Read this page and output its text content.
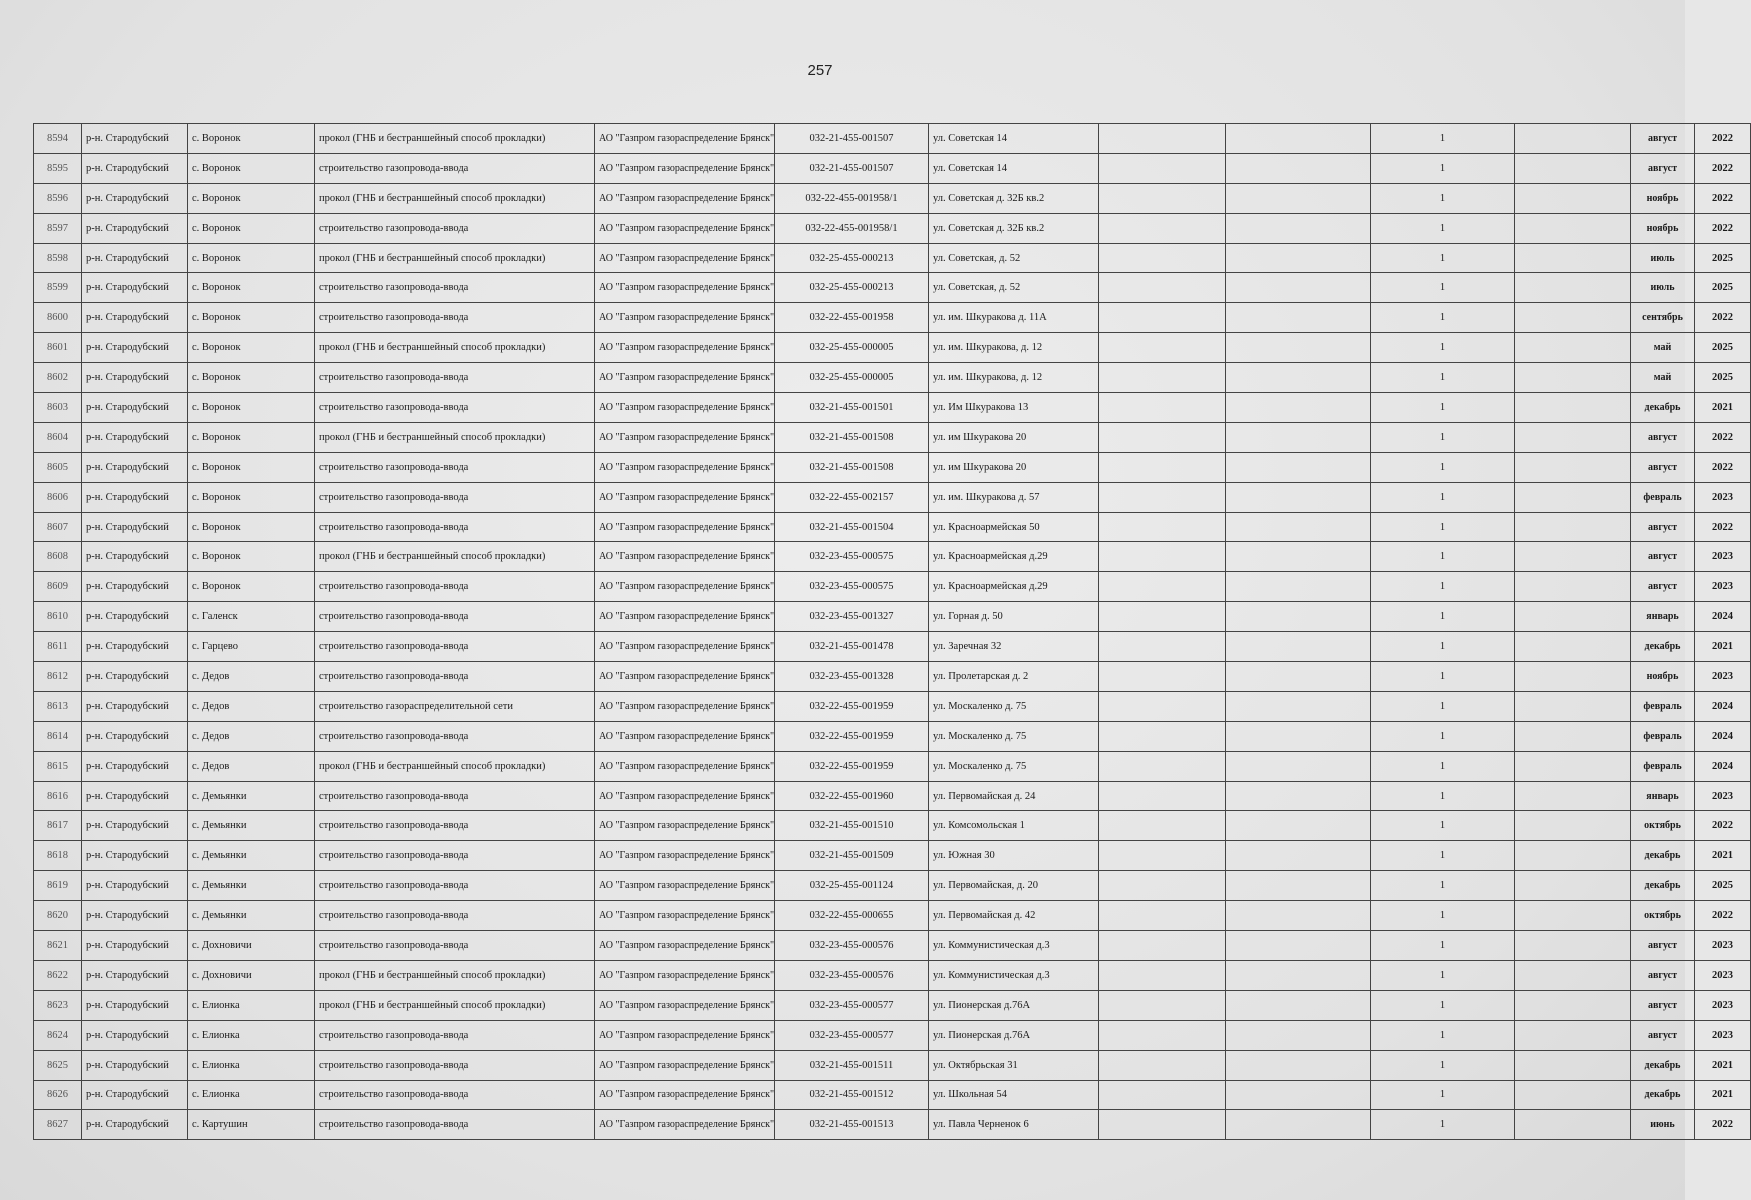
257
8594	р-н. Стародубский	с. Воронок	прокол (ГНБ и бестраншейный способ прокладки)	АО "Газпром газораспределение Брянск"	032-21-455-001507	ул. Советская 14			1		август	2022
8595	р-н. Стародубский	с. Воронок	строительство газопровода-ввода	АО "Газпром газораспределение Брянск"	032-21-455-001507	ул. Советская 14			1		август	2022
8596	р-н. Стародубский	с. Воронок	прокол (ГНБ и бестраншейный способ прокладки)	АО "Газпром газораспределение Брянск"	032-22-455-001958/1	ул. Советская д. 32Б кв.2			1		ноябрь	2022
8597	р-н. Стародубский	с. Воронок	строительство газопровода-ввода	АО "Газпром газораспределение Брянск"	032-22-455-001958/1	ул. Советская д. 32Б кв.2			1		ноябрь	2022
8598	р-н. Стародубский	с. Воронок	прокол (ГНБ и бестраншейный способ прокладки)	АО "Газпром газораспределение Брянск"	032-25-455-000213	ул. Советская, д. 52			1		июль	2025
8599	р-н. Стародубский	с. Воронок	строительство газопровода-ввода	АО "Газпром газораспределение Брянск"	032-25-455-000213	ул. Советская, д. 52			1		июль	2025
8600	р-н. Стародубский	с. Воронок	строительство газопровода-ввода	АО "Газпром газораспределение Брянск"	032-22-455-001958	ул. им. Шкуракова д. 11А			1		сентябрь	2022
8601	р-н. Стародубский	с. Воронок	прокол (ГНБ и бестраншейный способ прокладки)	АО "Газпром газораспределение Брянск"	032-25-455-000005	ул. им. Шкуракова, д. 12			1		май	2025
8602	р-н. Стародубский	с. Воронок	строительство газопровода-ввода	АО "Газпром газораспределение Брянск"	032-25-455-000005	ул. им. Шкуракова, д. 12			1		май	2025
8603	р-н. Стародубский	с. Воронок	строительство газопровода-ввода	АО "Газпром газораспределение Брянск"	032-21-455-001501	ул. Им Шкуракова 13			1		декабрь	2021
8604	р-н. Стародубский	с. Воронок	прокол (ГНБ и бестраншейный способ прокладки)	АО "Газпром газораспределение Брянск"	032-21-455-001508	ул. им Шкуракова 20			1		август	2022
8605	р-н. Стародубский	с. Воронок	строительство газопровода-ввода	АО "Газпром газораспределение Брянск"	032-21-455-001508	ул. им Шкуракова 20			1		август	2022
8606	р-н. Стародубский	с. Воронок	строительство газопровода-ввода	АО "Газпром газораспределение Брянск"	032-22-455-002157	ул. им. Шкуракова д. 57			1		февраль	2023
8607	р-н. Стародубский	с. Воронок	строительство газопровода-ввода	АО "Газпром газораспределение Брянск"	032-21-455-001504	ул. Красноармейская 50			1		август	2022
8608	р-н. Стародубский	с. Воронок	прокол (ГНБ и бестраншейный способ прокладки)	АО "Газпром газораспределение Брянск"	032-23-455-000575	ул. Красноармейская д.29			1		август	2023
8609	р-н. Стародубский	с. Воронок	строительство газопровода-ввода	АО "Газпром газораспределение Брянск"	032-23-455-000575	ул. Красноармейская д.29			1		август	2023
8610	р-н. Стародубский	с. Галенск	строительство газопровода-ввода	АО "Газпром газораспределение Брянск"	032-23-455-001327	ул. Горная д. 50			1		январь	2024
8611	р-н. Стародубский	с. Гарцево	строительство газопровода-ввода	АО "Газпром газораспределение Брянск"	032-21-455-001478	ул. Заречная 32			1		декабрь	2021
8612	р-н. Стародубский	с. Дедов	строительство газопровода-ввода	АО "Газпром газораспределение Брянск"	032-23-455-001328	ул. Пролетарская д. 2			1		ноябрь	2023
8613	р-н. Стародубский	с. Дедов	строительство газораспределительной сети	АО "Газпром газораспределение Брянск"	032-22-455-001959	ул. Москаленко д. 75			1		февраль	2024
8614	р-н. Стародубский	с. Дедов	строительство газопровода-ввода	АО "Газпром газораспределение Брянск"	032-22-455-001959	ул. Москаленко д. 75			1		февраль	2024
8615	р-н. Стародубский	с. Дедов	прокол (ГНБ и бестраншейный способ прокладки)	АО "Газпром газораспределение Брянск"	032-22-455-001959	ул. Москаленко д. 75			1		февраль	2024
8616	р-н. Стародубский	с. Демьянки	строительство газопровода-ввода	АО "Газпром газораспределение Брянск"	032-22-455-001960	ул. Первомайская д. 24			1		январь	2023
8617	р-н. Стародубский	с. Демьянки	строительство газопровода-ввода	АО "Газпром газораспределение Брянск"	032-21-455-001510	ул. Комсомольская 1			1		октябрь	2022
8618	р-н. Стародубский	с. Демьянки	строительство газопровода-ввода	АО "Газпром газораспределение Брянск"	032-21-455-001509	ул. Южная 30			1		декабрь	2021
8619	р-н. Стародубский	с. Демьянки	строительство газопровода-ввода	АО "Газпром газораспределение Брянск"	032-25-455-001124	ул. Первомайская, д. 20			1		декабрь	2025
8620	р-н. Стародубский	с. Демьянки	строительство газопровода-ввода	АО "Газпром газораспределение Брянск"	032-22-455-000655	ул. Первомайская д. 42			1		октябрь	2022
8621	р-н. Стародубский	с. Дохновичи	строительство газопровода-ввода	АО "Газпром газораспределение Брянск"	032-23-455-000576	ул. Коммунистическая д.3			1		август	2023
8622	р-н. Стародубский	с. Дохновичи	прокол (ГНБ и бестраншейный способ прокладки)	АО "Газпром газораспределение Брянск"	032-23-455-000576	ул. Коммунистическая д.3			1		август	2023
8623	р-н. Стародубский	с. Елионка	прокол (ГНБ и бестраншейный способ прокладки)	АО "Газпром газораспределение Брянск"	032-23-455-000577	ул. Пионерская д.76А			1		август	2023
8624	р-н. Стародубский	с. Елионка	строительство газопровода-ввода	АО "Газпром газораспределение Брянск"	032-23-455-000577	ул. Пионерская д.76А			1		август	2023
8625	р-н. Стародубский	с. Елионка	строительство газопровода-ввода	АО "Газпром газораспределение Брянск"	032-21-455-001511	ул. Октябрьская 31			1		декабрь	2021
8626	р-н. Стародубский	с. Елионка	строительство газопровода-ввода	АО "Газпром газораспределение Брянск"	032-21-455-001512	ул. Школьная 54			1		декабрь	2021
8627	р-н. Стародубский	с. Картушин	строительство газопровода-ввода	АО "Газпром газораспределение Брянск"	032-21-455-001513	ул. Павла Черненок 6			1		июнь	2022
